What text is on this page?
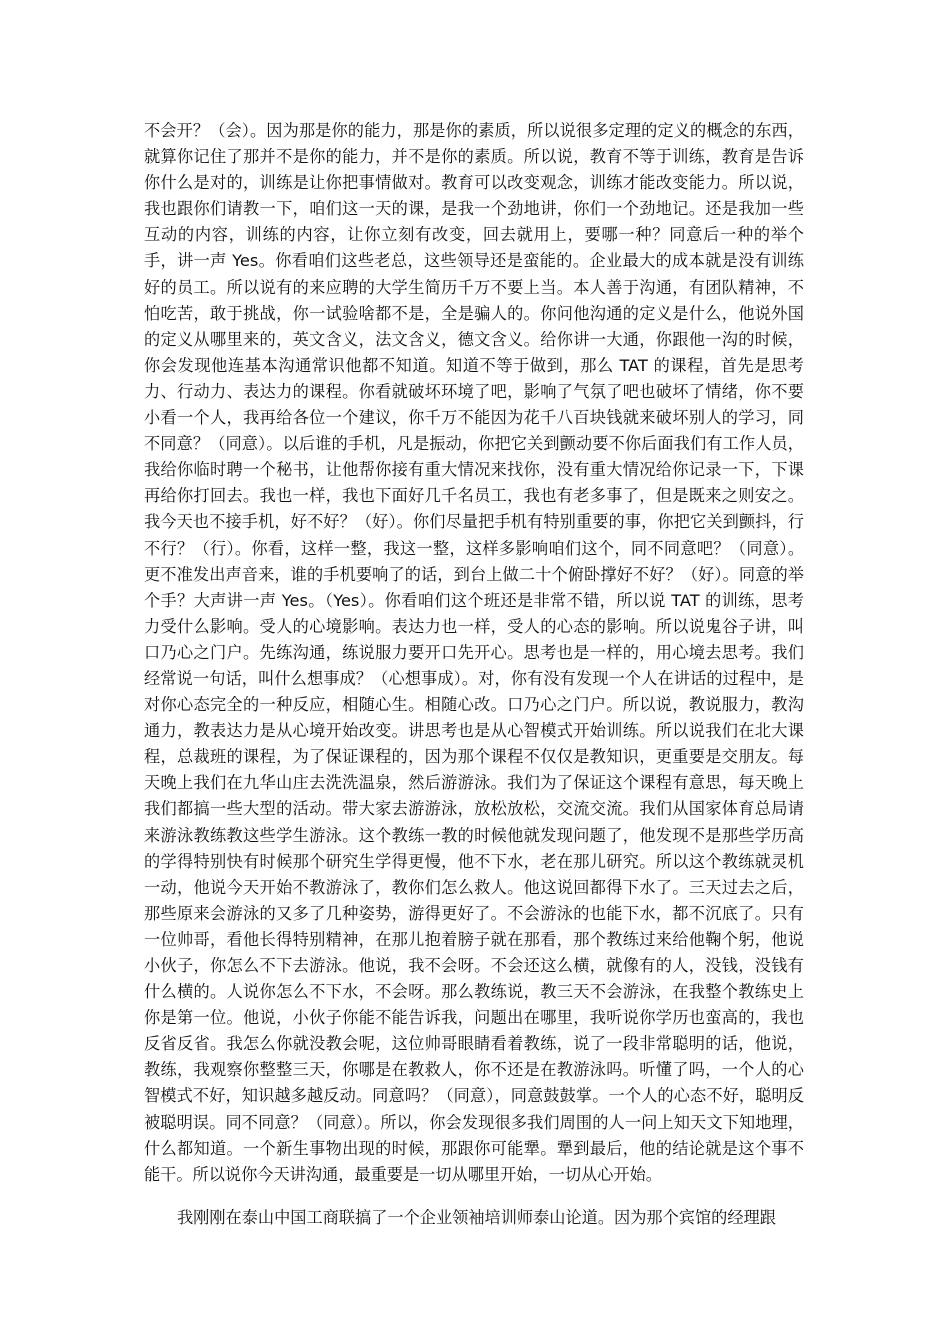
不会开？（会）。因为那是你的能力，那是你的素质，所以说很多定理的定义的概念的东西，就算你记住了那并不是你的能力，并不是你的素质。所以说，教育不等于训练，教育是告诉你什么是对的，训练是让你把事情做对。教育可以改变观念，训练才能改变能力。所以说，我也跟你们请教一下，咱们这一天的课，是我一个劲地讲，你们一个劲地记。还是我加一些互动的内容，训练的内容，让你立刻有改变，回去就用上，要哪一种？同意后一种的举个手，讲一声 Yes。你看咱们这些老总，这些领导还是蛮能的。企业最大的成本就是没有训练好的员工。所以说有的来应聘的大学生简历千万不要上当。本人善于沟通，有团队精神，不怕吃苦，敢于挑战，你一试验啥都不是，全是骗人的。你问他沟通的定义是什么，他说外国的定义从哪里来的，英文含义，法文含义，德文含义。给你讲一大通，你跟他一沟的时候，你会发现他连基本沟通常识他都不知道。知道不等于做到，那么 TAT 的课程，首先是思考力、行动力、表达力的课程。你看就破坏环境了吧，影响了气氛了吧也破坏了情绪，你不要小看一个人，我再给各位一个建议，你千万不能因为花千八百块钱就来破坏别人的学习，同不同意？（同意）。以后谁的手机，凡是振动，你把它关到颤动要不你后面我们有工作人员，我给你临时聘一个秘书，让他帮你接有重大情况来找你，没有重大情况给你记录一下，下课再给你打回去。我也一样，我也下面好几千名员工，我也有老多事了，但是既来之则安之。我今天也不接手机，好不好？（好）。你们尽量把手机有特别重要的事，你把它关到颤抖，行不行？（行）。你看，这样一整，我这一整，这样多影响咱们这个，同不同意吧？（同意）。更不准发出声音来，谁的手机要响了的话，到台上做二十个俯卧撑好不好？（好）。同意的举个手？大声讲一声 Yes。（Yes）。你看咱们这个班还是非常不错，所以说 TAT 的训练，思考力受什么影响。受人的心境影响。表达力也一样，受人的心态的影响。所以说鬼谷子讲，叫口乃心之门户。先练沟通，练说服力要开口先开心。思考也是一样的，用心境去思考。我们经常说一句话，叫什么想事成？（心想事成）。对，你有没有发现一个人在讲话的过程中，是对你心态完全的一种反应，相随心生。相随心改。口乃心之门户。所以说，教说服力，教沟通力，教表达力是从心境开始改变。讲思考也是从心智模式开始训练。所以说我们在北大课程，总裁班的课程，为了保证课程的，因为那个课程不仅仅是教知识，更重要是交朋友。每天晚上我们在九华山庄去洗洗温泉，然后游游泳。我们为了保证这个课程有意思，每天晚上我们都搞一些大型的活动。带大家去游游泳，放松放松，交流交流。我们从国家体育总局请来游泳教练教这些学生游泳。这个教练一教的时候他就发现问题了，他发现不是那些学历高的学得特别快有时候那个研究生学得更慢，他不下水，老在那儿研究。所以这个教练就灵机一动，他说今天开始不教游泳了，教你们怎么救人。他这说回都得下水了。三天过去之后，那些原来会游泳的又多了几种姿势，游得更好了。不会游泳的也能下水，都不沉底了。只有一位帅哥，看他长得特别精神，在那儿抱着膀子就在那看，那个教练过来给他鞠个躬，他说小伙子，你怎么不下去游泳。他说，我不会呀。不会还这么横，就像有的人，没钱，没钱有什么横的。人说你怎么不下水，不会呀。那么教练说，教三天不会游泳，在我整个教练史上你是第一位。他说，小伙子你能不能告诉我，问题出在哪里，我听说你学历也蛮高的，我也反省反省。我怎么你就没教会呢，这位帅哥眼睛看着教练，说了一段非常聪明的话，他说，教练，我观察你整整三天，你哪是在教救人，你不还是在教游泳吗。听懂了吗，一个人的心智模式不好，知识越多越反动。同意吗？（同意），同意鼓鼓掌。一个人的心态不好，聪明反被聪明误。同不同意？（同意）。所以，你会发现很多我们周围的人一问上知天文下知地理，什么都知道。一个新生事物出现的时候，那跟你可能犟。犟到最后，他的结论就是这个事不能干。所以说你今天讲沟通，最重要是一切从哪里开始，一切从心开始。

我刚刚在泰山中国工商联搞了一个企业领袖培训师泰山论道。因为那个宾馆的经理跟
